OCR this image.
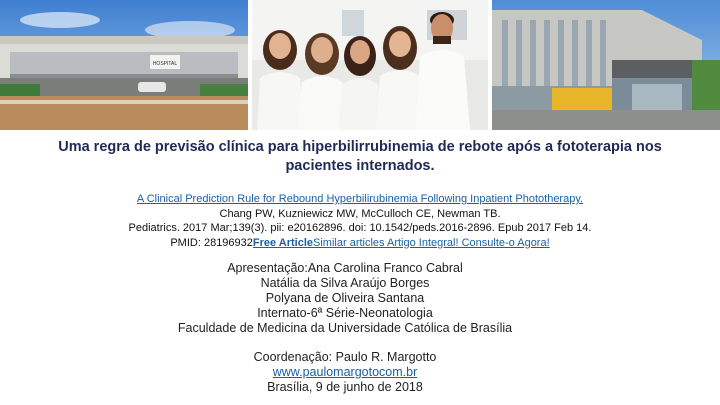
HOSPITAL
Uma regra de previsão clínica para hiperbilirrubinemia de rebote após a fototerapia nos
pacientes internados.
A Clinical Prediction Rule for Rebound Hyperbilirubinemia Following Inpatient Phototherapy.
Chang PW, Kuzniewicz MW, McCulloch CE, Newman TB.
Pediatrics. 2017 Mar;139(3). pii: e20162896. doi: 10.1542/peds.2016-2896. Epub 2017 Feb 14.
PMID: 28196932Free ArticleSimilar articles Artigo Integral! Consulte-o Agora!
Apresentação:Ana Carolina Franco Cabral
Natália da Silva Araújo Borges
Polyana de Oliveira Santana
Internato-6ª Série-Neonatologia
Faculdade de Medicina da Universidade Católica de Brasília
Coordenação: Paulo R. Margotto
www.paulomargotocom.br
Brasília, 9 de junho de 2018
